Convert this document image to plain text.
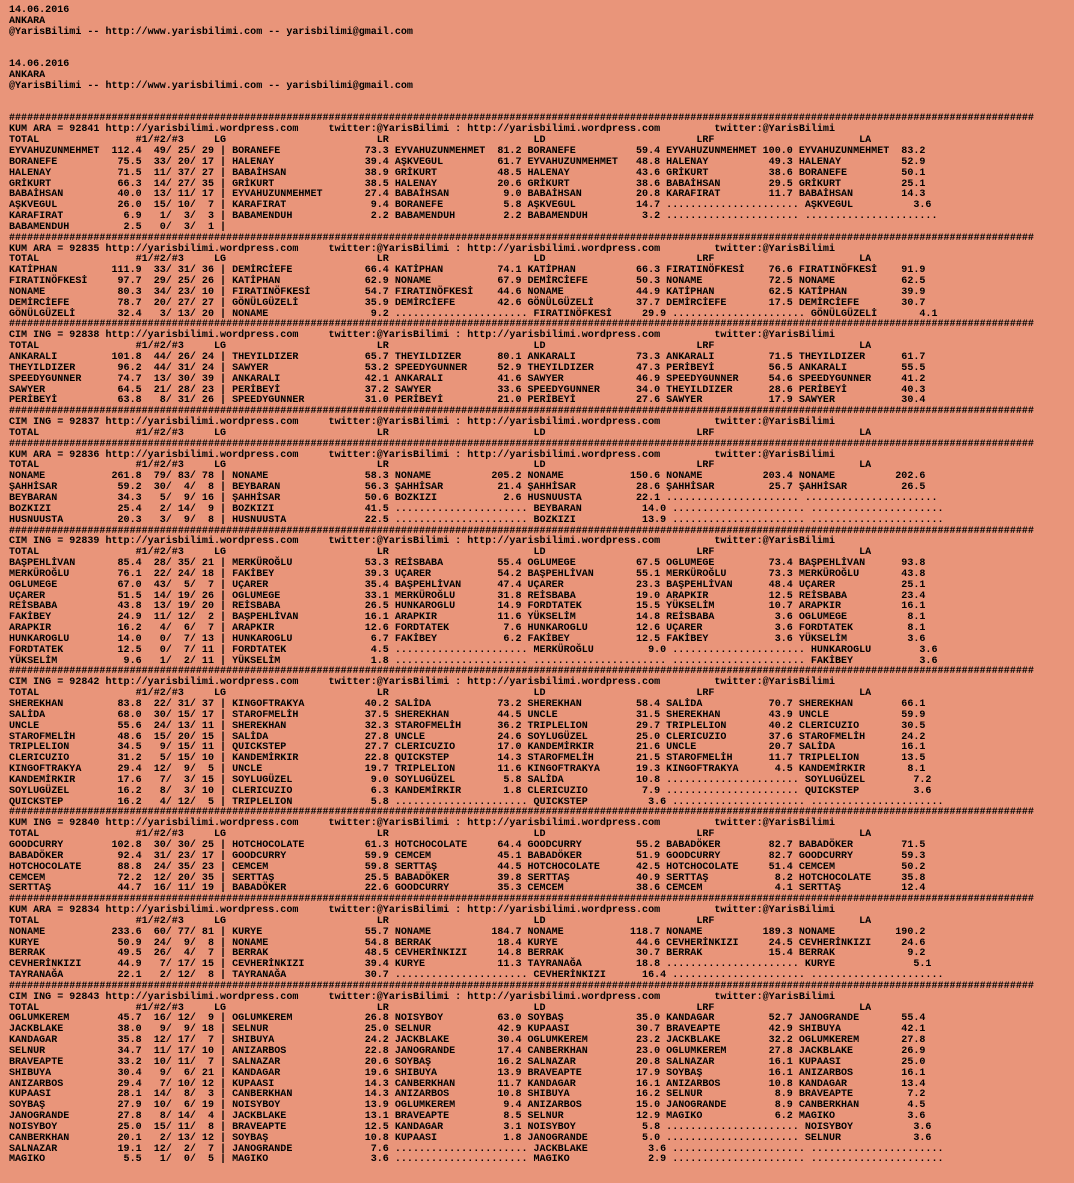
14.06.2016
ANKARA
@YarisBilimi -- http://www.yarisbilimi.com -- yarisbilimi@gmail.com

14.06.2016
ANKARA
@YarisBilimi -- http://www.yarisbilimi.com -- yarisbilimi@gmail.com

##########################################################################################################################################################################
KUM ARA = 92841 http://yarisbilimi.wordpress.com     twitter:@YarisBilimi : http://yarisbilimi.wordpress.com         twitter:@YarisBilimi
TOTAL                #1/#2/#3     LG                         LR                        LD                         LRF                        LA
EYVAHUZUNMEHMET  112.4  49/ 25/ 29 | BORANEFE              73.3 EYVAHUZUNMEHMET  81.2 BORANEFE          59.4 EYVAHUZUNMEHMET 100.0 EYVAHUZUNMEHMET  83.2
BORANEFE          75.5  33/ 20/ 17 | HALENAY               39.4 AŞKVEGUL         61.7 EYVAHUZUNMEHMET   48.8 HALENAY          49.3 HALENAY          52.9
HALENAY           71.5  11/ 37/ 27 | BABAİHSAN             38.9 GRİKURT          48.5 HALENAY           43.6 GRİKURT          38.6 BORANEFE         50.1
GRİKURT           66.3  14/ 27/ 35 | GRİKURT               38.5 HALENAY          20.6 GRİKURT           38.6 BABAİHSAN        29.5 GRİKURT          25.1
BABAİHSAN         40.0  13/ 11/ 17 | EYVAHUZUNMEHMET       27.4 BABAİHSAN         9.0 BABAİHSAN         20.8 KARAFIRAT        11.7 BABAİHSAN        14.3
AŞKVEGUL          26.0  15/ 10/  7 | KARAFIRAT              9.4 BORANEFE          5.8 AŞKVEGUL          14.7 ...................... AŞKVEGUL          3.6
KARAFIRAT          6.9   1/  3/  3 | BABAMENDUH             2.2 BABAMENDUH        2.2 BABAMENDUH         3.2 ...................... ......................
BABAMENDUH         2.5   0/  3/  1 |
##########################################################################################################################################################################
KUM ARA = 92835 http://yarisbilimi.wordpress.com     twitter:@YarisBilimi : http://yarisbilimi.wordpress.com         twitter:@YarisBilimi
TOTAL                #1/#2/#3     LG                         LR                        LD                         LRF                        LA
KATİPHAN         111.9  33/ 31/ 36 | DEMİRCİEFE            66.4 KATİPHAN         74.1 KATİPHAN          66.3 FIRATINÖFKESİ    76.6 FIRATINÖFKESİ    91.9
FIRATINÖFKESİ     97.7  29/ 25/ 26 | KATİPHAN              62.9 NONAME           67.9 DEMİRCİEFE        50.3 NONAME           72.5 NONAME           62.5
NONAME            80.3  34/ 23/ 10 | FIRATINÖFKESİ         54.7 FIRATINÖFKESİ    44.6 NONAME            44.9 KATİPHAN         62.5 KATİPHAN         39.9
DEMİRCİEFE        78.7  20/ 27/ 27 | GÖNÜLGÜZELİ           35.9 DEMİRCİEFE       42.6 GÖNÜLGÜZELİ       37.7 DEMİRCİEFE       17.5 DEMİRCİEFE       30.7
GÖNÜLGÜZELİ       32.4   3/ 13/ 20 | NONAME                 9.2 ...................... FIRATINÖFKESİ     29.9 ...................... GÖNÜLGÜZELİ       4.1
##########################################################################################################################################################################
CIM ING = 92838 http://yarisbilimi.wordpress.com     twitter:@YarisBilimi : http://yarisbilimi.wordpress.com         twitter:@YarisBilimi
TOTAL                #1/#2/#3     LG                         LR                        LD                         LRF                        LA
ANKARALI         101.8  44/ 26/ 24 | THEYILDIZER           65.7 THEYILDIZER      80.1 ANKARALI          73.3 ANKARALI         71.5 THEYILDIZER      61.7
THEYILDIZER       96.2  44/ 31/ 24 | SAWYER                53.2 SPEEDYGUNNER     52.9 THEYILDIZER       47.3 PERİBEYİ         56.5 ANKARALI         55.5
SPEEDYGUNNER      74.7  13/ 30/ 39 | ANKARALI              42.1 ANKARALI         41.6 SAWYER            46.9 SPEEDYGUNNER     54.6 SPEEDYGUNNER     41.2
SAWYER            64.5  21/ 28/ 23 | PERİBEYİ              37.2 SAWYER           33.6 SPEEDYGUNNER      34.0 THEYILDIZER      28.6 PERİBEYİ         40.3
PERİBEYİ          63.8   8/ 31/ 26 | SPEEDYGUNNER          31.0 PERİBEYİ         21.0 PERİBEYİ          27.6 SAWYER           17.9 SAWYER           30.4
##########################################################################################################################################################################
CIM ING = 92837 http://yarisbilimi.wordpress.com     twitter:@YarisBilimi : http://yarisbilimi.wordpress.com         twitter:@YarisBilimi
TOTAL                #1/#2/#3     LG                         LR                        LD                         LRF                        LA
##########################################################################################################################################################################
KUM ARA = 92836 http://yarisbilimi.wordpress.com     twitter:@YarisBilimi : http://yarisbilimi.wordpress.com         twitter:@YarisBilimi
TOTAL                #1/#2/#3     LG                         LR                        LD                         LRF                        LA
NONAME           261.8  79/ 83/ 78 | NONAME                58.3 NONAME          205.2 NONAME           150.6 NONAME          203.4 NONAME          202.6
ŞAHHİSAR          59.2  30/  4/  8 | BEYBARAN              56.3 ŞAHHİSAR         21.4 ŞAHHİSAR          28.6 ŞAHHİSAR         25.7 ŞAHHİSAR         26.5
BEYBARAN          34.3   5/  9/ 16 | ŞAHHİSAR              50.6 BOZKIZI           2.6 HUSNUUSTA         22.1 ...................... ......................
BOZKIZI           25.4   2/ 14/  9 | BOZKIZI               41.5 ...................... BEYBARAN          14.0 ...................... ......................
HUSNUUSTA         20.3   3/  9/  8 | HUSNUUSTA             22.5 ...................... BOZKIZI           13.9 ...................... ......................
##########################################################################################################################################################################
CIM ING = 92839 http://yarisbilimi.wordpress.com     twitter:@YarisBilimi : http://yarisbilimi.wordpress.com         twitter:@YarisBilimi
TOTAL                #1/#2/#3     LG                         LR                        LD                         LRF                        LA
BAŞPEHLİVAN       85.4  28/ 35/ 21 | MERKÜROĞLU            53.3 REİSBABA         55.4 OGLUMEGE          67.5 OGLUMEGE         73.4 BAŞPEHLİVAN      93.8
MERKÜROĞLU        76.1  22/ 24/ 18 | FAKİBEY               39.3 UÇARER           54.2 BAŞPEHLİVAN       55.1 MERKÜROĞLU       73.3 MERKÜROĞLU       43.8
OGLUMEGE          67.0  43/  5/  7 | UÇARER                35.4 BAŞPEHLİVAN      47.4 UÇARER            23.3 BAŞPEHLİVAN      48.4 UÇARER           25.1
UÇARER            51.5  14/ 19/ 26 | OGLUMEGE              33.1 MERKÜROĞLU       31.8 REİSBABA          19.0 ARAPKIR          12.5 REİSBABA         23.4
REİSBABA          43.8  13/ 19/ 20 | REİSBABA              26.5 HUNKAROGLU       14.9 FORDTATEK         15.5 YÜKSELİM         10.7 ARAPKIR          16.1
FAKİBEY           24.9  11/ 12/  2 | BAŞPEHLİVAN           16.1 ARAPKIR          11.6 YÜKSELİM          14.8 REİSBABA          3.6 OGLUMEGE          8.1
ARAPKIR           16.2   4/  6/  7 | ARAPKIR               12.6 FORDTATEK         7.6 HUNKAROGLU        12.6 UÇARER            3.6 FORDTATEK         8.1
HUNKAROGLU        14.0   0/  7/ 13 | HUNKAROGLU             6.7 FAKİBEY           6.2 FAKİBEY           12.5 FAKİBEY           3.6 YÜKSELİM          3.6
FORDTATEK         12.5   0/  7/ 11 | FORDTATEK              4.5 ...................... MERKÜROĞLU         9.0 ...................... HUNKAROGLU        3.6
YÜKSELİM           9.6   1/  2/ 11 | YÜKSELİM               1.8 ...................... ...................... ...................... FAKİBEY           3.6
##########################################################################################################################################################################
CIM ING = 92842 http://yarisbilimi.wordpress.com     twitter:@YarisBilimi : http://yarisbilimi.wordpress.com         twitter:@YarisBilimi
TOTAL                #1/#2/#3     LG                         LR                        LD                         LRF                        LA
SHEREKHAN         83.8  22/ 31/ 37 | KINGOFTRAKYA          40.2 SALİDA           73.2 SHEREKHAN         58.4 SALİDA           70.7 SHEREKHAN        66.1
SALİDA            68.0  30/ 15/ 17 | STAROFMELİH           37.5 SHEREKHAN        44.5 UNCLE             31.5 SHEREKHAN        43.9 UNCLE            59.9
UNCLE             55.6  24/ 13/ 11 | SHEREKHAN             32.3 STAROFMELİH      36.2 TRIPLELION        29.7 TRIPLELION       40.2 CLERICUZIO       30.5
STAROFMELİH       48.6  15/ 20/ 15 | SALİDA                27.8 UNCLE            24.6 SOYLUGÜZEL        25.0 CLERICUZIO       37.6 STAROFMELİH      24.2
TRIPLELION        34.5   9/ 15/ 11 | QUICKSTEP             27.7 CLERICUZIO       17.0 KANDEMİRKIR       21.6 UNCLE            20.7 SALİDA           16.1
CLERICUZIO        31.2   5/ 15/ 10 | KANDEMİRKIR           22.8 QUICKSTEP        14.3 STAROFMELİH       21.5 STAROFMELİH      11.7 TRIPLELION       13.5
KINGOFTRAKYA      29.4  12/  9/  5 | UNCLE                 19.7 TRIPLELION       11.6 KINGOFTRAKYA      19.3 KINGOFTRAKYA      4.5 KANDEMİRKIR       8.1
KANDEMİRKIR       17.6   7/  3/ 15 | SOYLUGÜZEL             9.0 SOYLUGÜZEL        5.8 SALİDA            10.8 ...................... SOYLUGÜZEL        7.2
SOYLUGÜZEL        16.2   8/  3/ 10 | CLERICUZIO             6.3 KANDEMİRKIR       1.8 CLERICUZIO         7.9 ...................... QUICKSTEP         3.6
QUICKSTEP         16.2   4/ 12/  5 | TRIPLELION             5.8 ...................... QUICKSTEP          3.6 ...................... ......................
##########################################################################################################################################################################
KUM ING = 92840 http://yarisbilimi.wordpress.com     twitter:@YarisBilimi : http://yarisbilimi.wordpress.com         twitter:@YarisBilimi
TOTAL                #1/#2/#3     LG                         LR                        LD                         LRF                        LA
GOODCURRY        102.8  30/ 30/ 25 | HOTCHOCOLATE          61.3 HOTCHOCOLATE     64.4 GOODCURRY         55.2 BABADÖKER        82.7 BABADÖKER        71.5
BABADÖKER         92.4  31/ 23/ 17 | GOODCURRY             59.9 CEMCEM           45.1 BABADÖKER         51.9 GOODCURRY        82.7 GOODCURRY        59.3
HOTCHOCOLATE      88.8  24/ 35/ 23 | CEMCEM                59.8 SERTTAŞ          44.5 HOTCHOCOLATE      42.5 HOTCHOCOLATE     51.4 CEMCEM           50.2
CEMCEM            72.2  12/ 20/ 35 | SERTTAŞ               25.5 BABADÖKER        39.8 SERTTAŞ           40.9 SERTTAŞ           8.2 HOTCHOCOLATE     35.8
SERTTAŞ           44.7  16/ 11/ 19 | BABADÖKER             22.6 GOODCURRY        35.3 CEMCEM            38.6 CEMCEM            4.1 SERTTAŞ          12.4
##########################################################################################################################################################################
KUM ARA = 92834 http://yarisbilimi.wordpress.com     twitter:@YarisBilimi : http://yarisbilimi.wordpress.com         twitter:@YarisBilimi
TOTAL                #1/#2/#3     LG                         LR                        LD                         LRF                        LA
NONAME           233.6  60/ 77/ 81 | KURYE                 55.7 NONAME          184.7 NONAME           118.7 NONAME          189.3 NONAME          190.2
KURYE             50.9  24/  9/  8 | NONAME                54.8 BERRAK           18.4 KURYE             44.6 CEVHERİNKIZI     24.5 CEVHERİNKIZI     24.6
BERRAK            49.5  26/  4/  7 | BERRAK                48.5 CEVHERİNKIZI     14.8 BERRAK            30.7 BERRAK           15.4 BERRAK            9.2
CEVHERİNKIZI      44.9   7/ 17/ 15 | CEVHERİNKIZI          39.4 KURYE            11.3 TAYRANAĞA         18.8 ...................... KURYE             5.1
TAYRANAĞA         22.1   2/ 12/  8 | TAYRANAĞA             30.7 ...................... CEVHERİNKIZI      16.4 ...................... ......................
##########################################################################################################################################################################
CIM ING = 92843 http://yarisbilimi.wordpress.com     twitter:@YarisBilimi : http://yarisbilimi.wordpress.com         twitter:@YarisBilimi
TOTAL                #1/#2/#3     LG                         LR                        LD                         LRF                        LA
OGLUMKEREM        45.7  16/ 12/  9 | OGLUMKEREM            26.8 NOISYBOY         63.0 SOYBAŞ            35.0 KANDAGAR         52.7 JANOGRANDE       55.4
JACKBLAKE         38.0   9/  9/ 18 | SELNUR                25.0 SELNUR           42.9 KUPAASI           30.7 BRAVEAPTE        42.9 SHIBUYA          42.1
KANDAGAR          35.8  12/ 17/  7 | SHIBUYA               24.2 JACKBLAKE        30.4 OGLUMKEREM        23.2 JACKBLAKE        32.2 OGLUMKEREM       27.8
SELNUR            34.7  11/ 17/ 10 | ANIZARBOS             22.8 JANOGRANDE       17.4 CANBERKHAN        23.0 OGLUMKEREM       27.8 JACKBLAKE        26.9
BRAVEAPTE         33.2  10/ 11/  7 | SALNAZAR              20.6 SOYBAŞ           16.2 SALNAZAR          20.8 SALNAZAR         16.1 KUPAASI          25.0
SHIBUYA           30.4   9/  6/ 21 | KANDAGAR              19.6 SHIBUYA          13.9 BRAVEAPTE         17.9 SOYBAŞ           16.1 ANIZARBOS        16.1
ANIZARBOS         29.4   7/ 10/ 12 | KUPAASI               14.3 CANBERKHAN       11.7 KANDAGAR          16.1 ANIZARBOS        10.8 KANDAGAR         13.4
KUPAASI           28.1  14/  8/  3 | CANBERKHAN            14.3 ANIZARBOS        10.8 SHIBUYA           16.2 SELNUR            8.9 BRAVEAPTE         7.2
SOYBAŞ            27.9  10/  6/ 19 | NOISYBOY              13.9 OGLUMKEREM        9.4 ANIZARBOS         15.0 JANOGRANDE        8.9 CANBERKHAN        4.5
JANOGRANDE        27.8   8/ 14/  4 | JACKBLAKE             13.1 BRAVEAPTE         8.5 SELNUR            12.9 MAGIKO            6.2 MAGIKO            3.6
NOISYBOY          25.0  15/ 11/  8 | BRAVEAPTE             12.5 KANDAGAR          3.1 NOISYBOY           5.8 ...................... NOISYBOY          3.6
CANBERKHAN        20.1   2/ 13/ 12 | SOYBAŞ                10.8 KUPAASI           1.8 JANOGRANDE         5.0 ...................... SELNUR            3.6
SALNAZAR          19.1  12/  2/  7 | JANOGRANDE             7.6 ...................... JACKBLAKE          3.6 ...................... ......................
MAGIKO             5.5   1/  0/  5 | MAGIKO                 3.6 ...................... MAGIKO             2.9 ...................... ......................
